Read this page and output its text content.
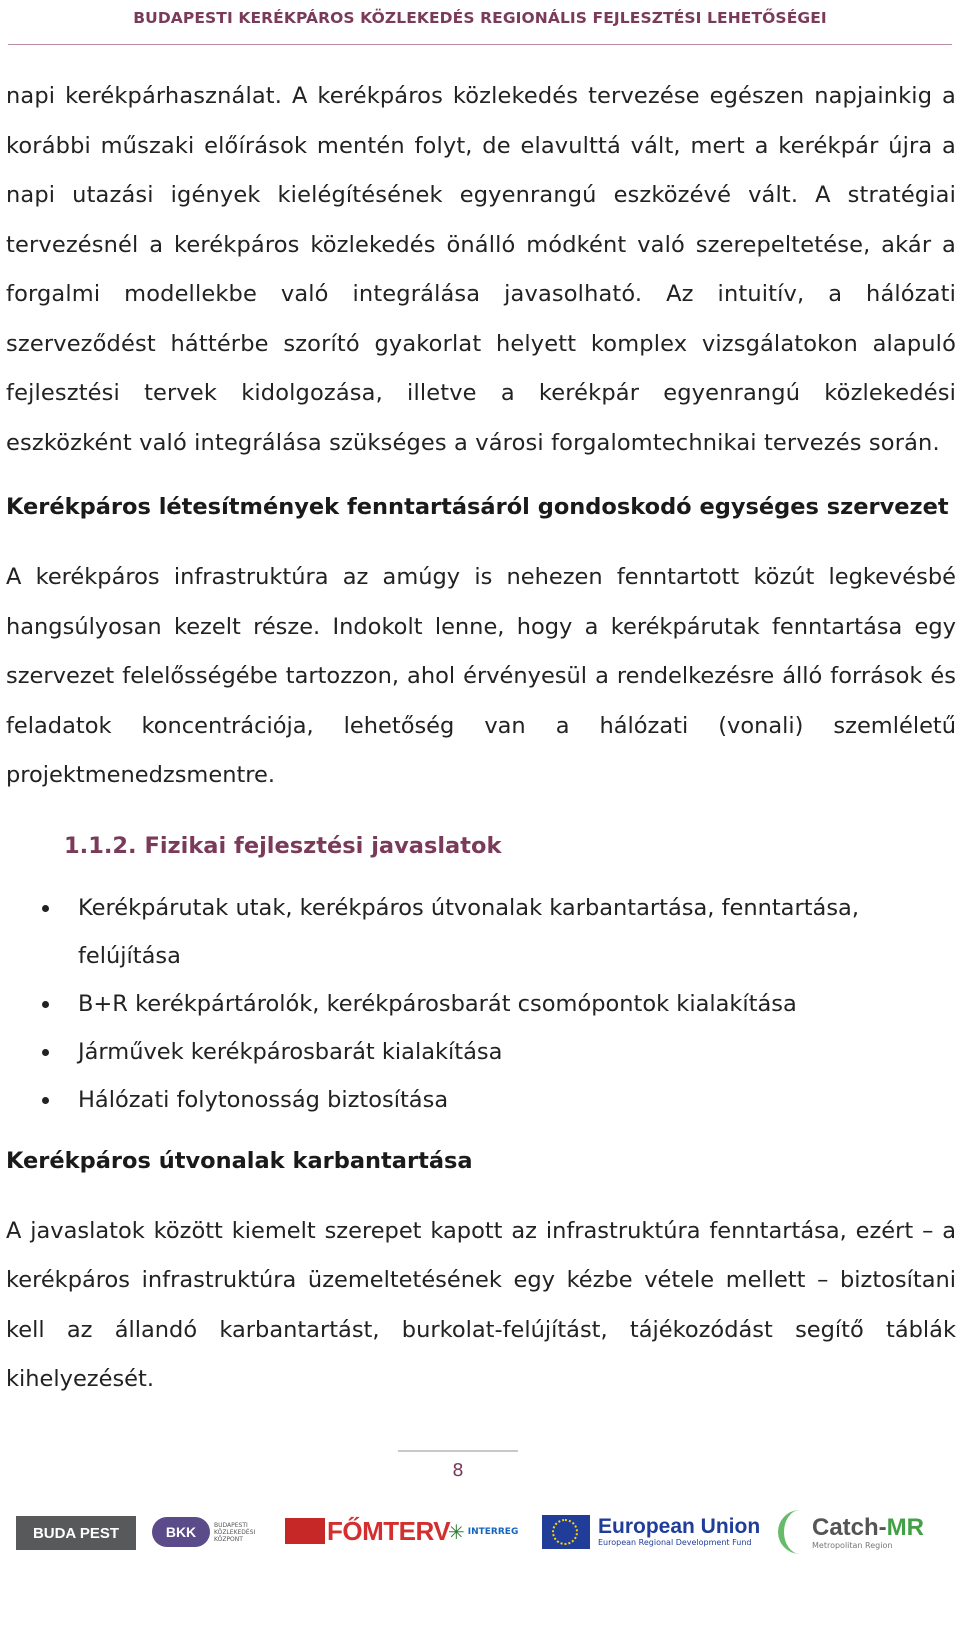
BUDAPESTI KERÉKPÁROS KÖZLEKEDÉS REGIONÁLIS FEJLESZTÉSI LEHETŐSÉGEI

napi kerékpárhasználat. A kerékpáros közlekedés tervezése egészen napjainkig a korábbi műszaki előírások mentén folyt, de elavulttá vált, mert a kerékpár újra a napi utazási igények kielégítésének egyenrangú eszközévé vált. A stratégiai tervezésnél a kerékpáros közlekedés önálló módként való szerepeltetése, akár a forgalmi modellekbe való integrálása javasolható. Az intuitív, a hálózati szerveződést háttérbe szorító gyakorlat helyett komplex vizsgálatokon alapuló fejlesztési tervek kidolgozása, illetve a kerékpár egyenrangú közlekedési eszközként való integrálása szükséges a városi forgalomtechnikai tervezés során.

Kerékpáros létesítmények fenntartásáról gondoskodó egységes szervezet

A kerékpáros infrastruktúra az amúgy is nehezen fenntartott közút legkevésbé hangsúlyosan kezelt része. Indokolt lenne, hogy a kerékpárutak fenntartása egy szervezet felelősségébe tartozzon, ahol érvényesül a rendelkezésre álló források és feladatok koncentrációja, lehetőség van a hálózati (vonali) szemléletű projektmenedzsmentre.

1.1.2. Fizikai fejlesztési javaslatok
Kerékpárutak utak, kerékpáros útvonalak karbantartása, fenntartása, felújítása
B+R kerékpártárolók, kerékpárosbarát csomópontok kialakítása
Járművek kerékpárosbarát kialakítása
Hálózati folytonosság biztosítása
Kerékpáros útvonalak karbantartása

A javaslatok között kiemelt szerepet kapott az infrastruktúra fenntartása, ezért – a kerékpáros infrastruktúra üzemeltetésének egy kézbe vétele mellett – biztosítani kell az állandó karbantartást, burkolat-felújítást, tájékozódást segítő táblák kihelyezését.

8
BUDA PEST	BKK	BUDAPESTI KÖZLEKEDÉSI KÖZPONT	FŐMTERV
✳ INTERREG	European Union
European Regional Development Fund
Catch-MR
Metropolitan Region
